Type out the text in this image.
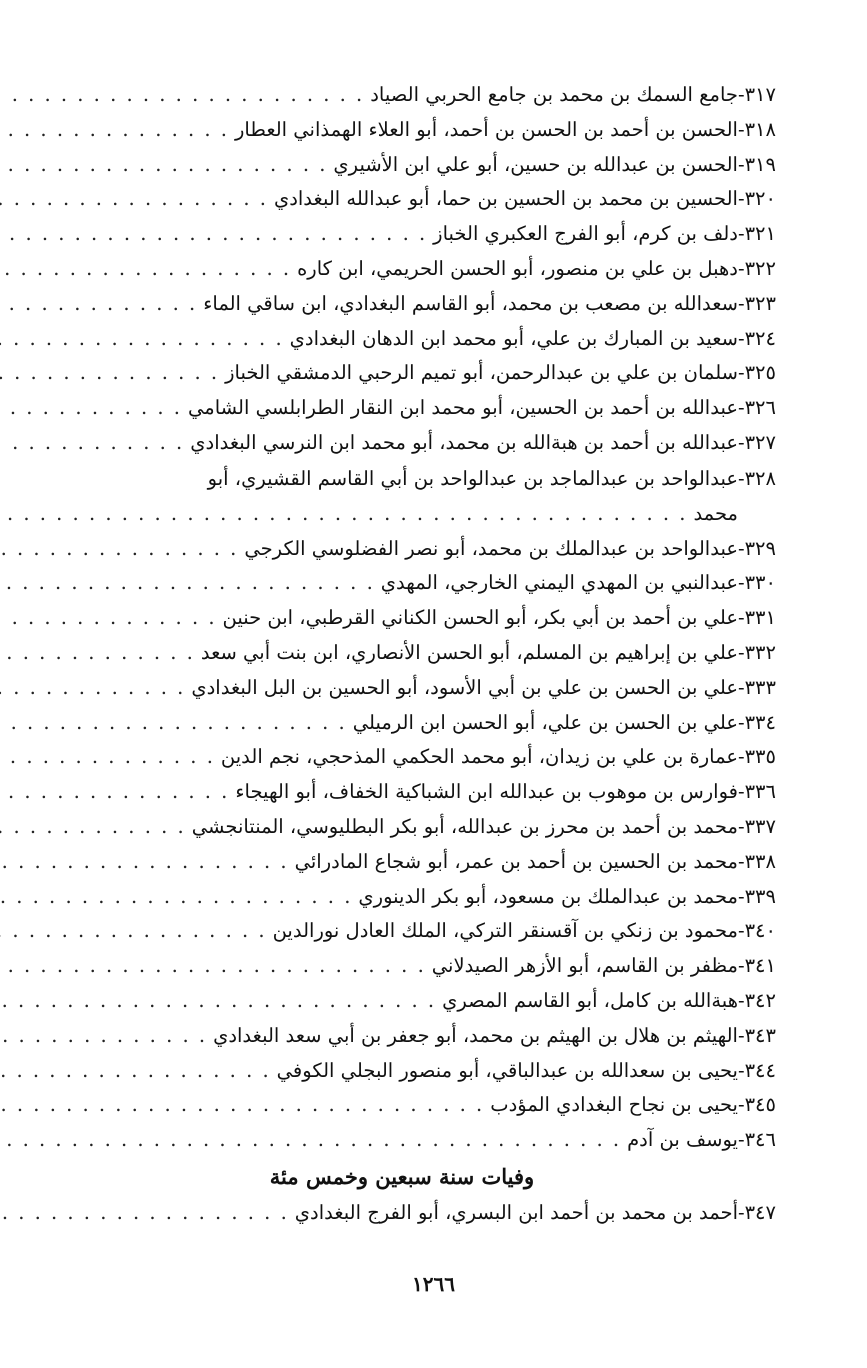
٣١٧-
جامع السمك بن محمد بن جامع الحربي الصياد
. . .
٣١٨-
الحسن بن أحمد بن الحسن بن أحمد، أبو العلاء الهمذاني العطار
. . .
٣١٩-
الحسن بن عبدالله بن حسين، أبو علي ابن الأشيري
. . .
٣٢٠-
الحسين بن محمد بن الحسين بن حما، أبو عبدالله البغدادي
. . .
٣٢١-
دلف بن كرم، أبو الفرج العكبري الخباز
. . .
٣٢٢-
دهبل بن علي بن منصور، أبو الحسن الحريمي، ابن كاره
. . .
٣٢٣-
سعدالله بن مصعب بن محمد، أبو القاسم البغدادي، ابن ساقي الماء
. . .
٣٢٤-
سعيد بن المبارك بن علي، أبو محمد ابن الدهان البغدادي
. . .
٣٢٥-
سلمان بن علي بن عبدالرحمن، أبو تميم الرحبي الدمشقي الخباز
. . .
٣٢٦-
عبدالله بن أحمد بن الحسين، أبو محمد ابن النقار الطرابلسي الشامي
. . .
٣٢٧-
عبدالله بن أحمد بن هبةالله بن محمد، أبو محمد ابن النرسي البغدادي
. . .
٣٢٨-
عبدالواحد بن عبدالماجد بن عبدالواحد بن أبي القاسم القشيري، أبو
محمد
. . .
٣٢٩-
عبدالواحد بن عبدالملك بن محمد، أبو نصر الفضلوسي الكرجي
. . .
٣٣٠-
عبدالنبي بن المهدي اليمني الخارجي، المهدي
. . .
٣٣١-
علي بن أحمد بن أبي بكر، أبو الحسن الكناني القرطبي، ابن حنين
. . .
٣٣٢-
علي بن إبراهيم بن المسلم، أبو الحسن الأنصاري، ابن بنت أبي سعد
. . .
٣٣٣-
علي بن الحسن بن علي بن أبي الأسود، أبو الحسين بن البل البغدادي
. . .
٣٣٤-
علي بن الحسن بن علي، أبو الحسن ابن الرميلي
. . .
٣٣٥-
عمارة بن علي بن زيدان، أبو محمد الحكمي المذحجي، نجم الدين
. . .
٣٣٦-
فوارس بن موهوب بن عبدالله ابن الشباكية الخفاف، أبو الهيجاء
. . .
٣٣٧-
محمد بن أحمد بن محرز بن عبدالله، أبو بكر البطليوسي، المنتانجشي
. . .
٣٣٨-
محمد بن الحسين بن أحمد بن عمر، أبو شجاع المادرائي
. . .
٣٣٩-
محمد بن عبدالملك بن مسعود، أبو بكر الدينوري
. . .
٣٤٠-
محمود بن زنكي بن آقسنقر التركي، الملك العادل نورالدين
. . .
٣٤١-
مظفر بن القاسم، أبو الأزهر الصيدلاني
. . .
٣٤٢-
هبةالله بن كامل، أبو القاسم المصري
. . .
٣٤٣-
الهيثم بن هلال بن الهيثم بن محمد، أبو جعفر بن أبي سعد البغدادي
. . .
٣٤٤-
يحيى بن سعدالله بن عبدالباقي، أبو منصور البجلي الكوفي
. . .
٣٤٥-
يحيى بن نجاح البغدادي المؤدب
. . .
٣٤٦-
يوسف بن آدم
. . .
وفيات سنة سبعين وخمس مئة
٣٤٧-
أحمد بن محمد بن أحمد ابن البسري، أبو الفرج البغدادي
. . .
١٢٦٦
